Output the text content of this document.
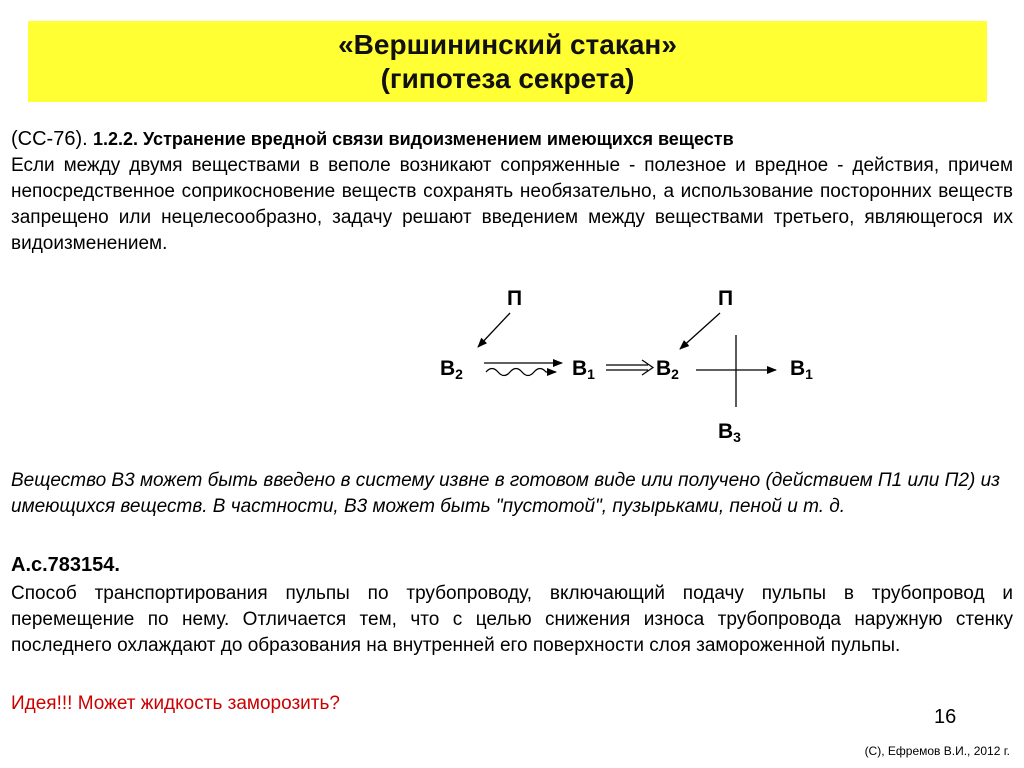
«Вершининский стакан»
(гипотеза секрета)
(СС-76). 1.2.2. Устранение вредной связи видоизменением имеющихся веществ
Если между двумя веществами в веполе возникают сопряженные - полезное и вредное - действия, причем непосредственное соприкосновение веществ сохранять необязательно, а использование посторонних веществ запрещено или нецелесообразно, задачу решают введением между веществами третьего, являющегося их видоизменением.
П
В2	В1
П
В2	В1
В3
Вещество В3 может быть введено в систему извне в готовом виде или получено (действием П1 или П2) из имеющихся веществ. В частности, В3 может быть "пустотой", пузырьками, пеной и т. д.
А.с.783154.
Способ транспортирования пульпы по трубопроводу, включающий подачу пульпы в трубопровод и перемещение по нему. Отличается тем, что с целью снижения износа трубопровода наружную стенку последнего охлаждают до образования на внутренней его поверхности слоя замороженной пульпы.
Идея!!! Может жидкость заморозить?
16
(С), Ефремов В.И., 2012 г.
